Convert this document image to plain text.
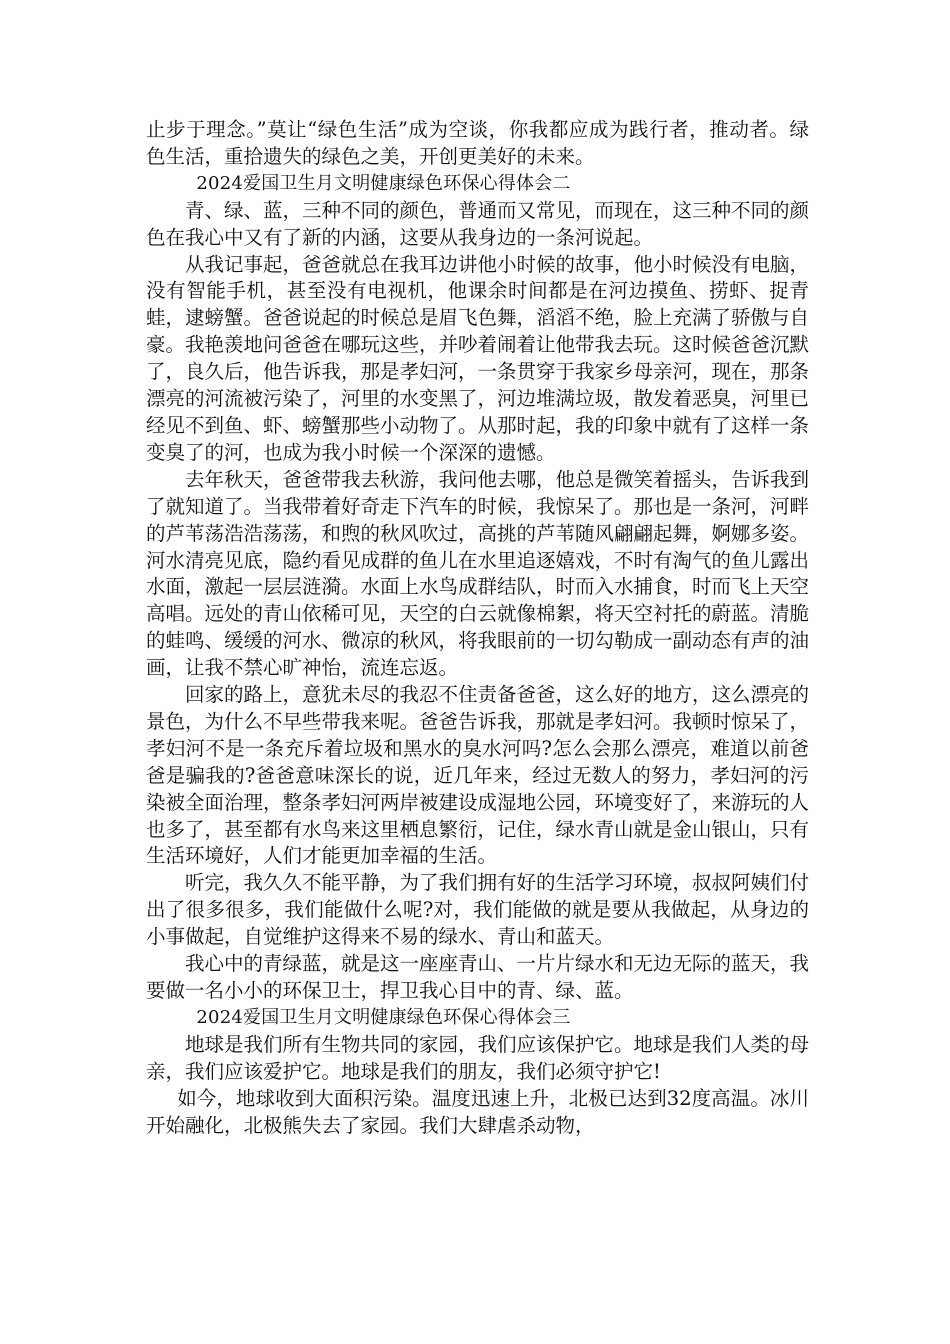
止步于理念。”莫让“绿色生活”成为空谈，你我都应成为践行者，推动者。绿色生活，重拾遗失的绿色之美，开创更美好的未来。

2024爱国卫生月文明健康绿色环保心得体会二

青、绿、蓝，三种不同的颜色，普通而又常见，而现在，这三种不同的颜色在我心中又有了新的内涵，这要从我身边的一条河说起。

从我记事起，爸爸就总在我耳边讲他小时候的故事，他小时候没有电脑，没有智能手机，甚至没有电视机，他课余时间都是在河边摸鱼、捞虾、捉青蛙，逮螃蟹。爸爸说起的时候总是眉飞色舞，滔滔不绝，脸上充满了骄傲与自豪。我艳羡地问爸爸在哪玩这些，并吵着闹着让他带我去玩。这时候爸爸沉默了，良久后，他告诉我，那是孝妇河，一条贯穿于我家乡母亲河，现在，那条漂亮的河流被污染了，河里的水变黑了，河边堆满垃圾，散发着恶臭，河里已经见不到鱼、虾、螃蟹那些小动物了。从那时起，我的印象中就有了这样一条变臭了的河，也成为我小时候一个深深的遗憾。

去年秋天，爸爸带我去秋游，我问他去哪，他总是微笑着摇头，告诉我到了就知道了。当我带着好奇走下汽车的时候，我惊呆了。那也是一条河，河畔的芦苇荡浩浩荡荡，和煦的秋风吹过，高挑的芦苇随风翩翩起舞，婀娜多姿。河水清亮见底，隐约看见成群的鱼儿在水里追逐嬉戏，不时有淘气的鱼儿露出水面，激起一层层涟漪。水面上水鸟成群结队，时而入水捕食，时而飞上天空高唱。远处的青山依稀可见，天空的白云就像棉絮，将天空衬托的蔚蓝。清脆的蛙鸣、缓缓的河水、微凉的秋风，将我眼前的一切勾勒成一副动态有声的油画，让我不禁心旷神怡，流连忘返。

回家的路上，意犹未尽的我忍不住责备爸爸，这么好的地方，这么漂亮的景色，为什么不早些带我来呢。爸爸告诉我，那就是孝妇河。我顿时惊呆了，孝妇河不是一条充斥着垃圾和黑水的臭水河吗?怎么会那么漂亮，难道以前爸爸是骗我的?爸爸意味深长的说，近几年来，经过无数人的努力，孝妇河的污染被全面治理，整条孝妇河两岸被建设成湿地公园，环境变好了，来游玩的人也多了，甚至都有水鸟来这里栖息繁衍，记住，绿水青山就是金山银山，只有生活环境好，人们才能更加幸福的生活。

听完，我久久不能平静，为了我们拥有好的生活学习环境，叔叔阿姨们付出了很多很多，我们能做什么呢?对，我们能做的就是要从我做起，从身边的小事做起，自觉维护这得来不易的绿水、青山和蓝天。

我心中的青绿蓝，就是这一座座青山、一片片绿水和无边无际的蓝天，我要做一名小小的环保卫士，捍卫我心目中的青、绿、蓝。

2024爱国卫生月文明健康绿色环保心得体会三

地球是我们所有生物共同的家园，我们应该保护它。地球是我们人类的母亲，我们应该爱护它。地球是我们的朋友，我们必须守护它!

如今，地球收到大面积污染。温度迅速上升，北极已达到32度高温。冰川开始融化，北极熊失去了家园。我们大肆虐杀动物，
